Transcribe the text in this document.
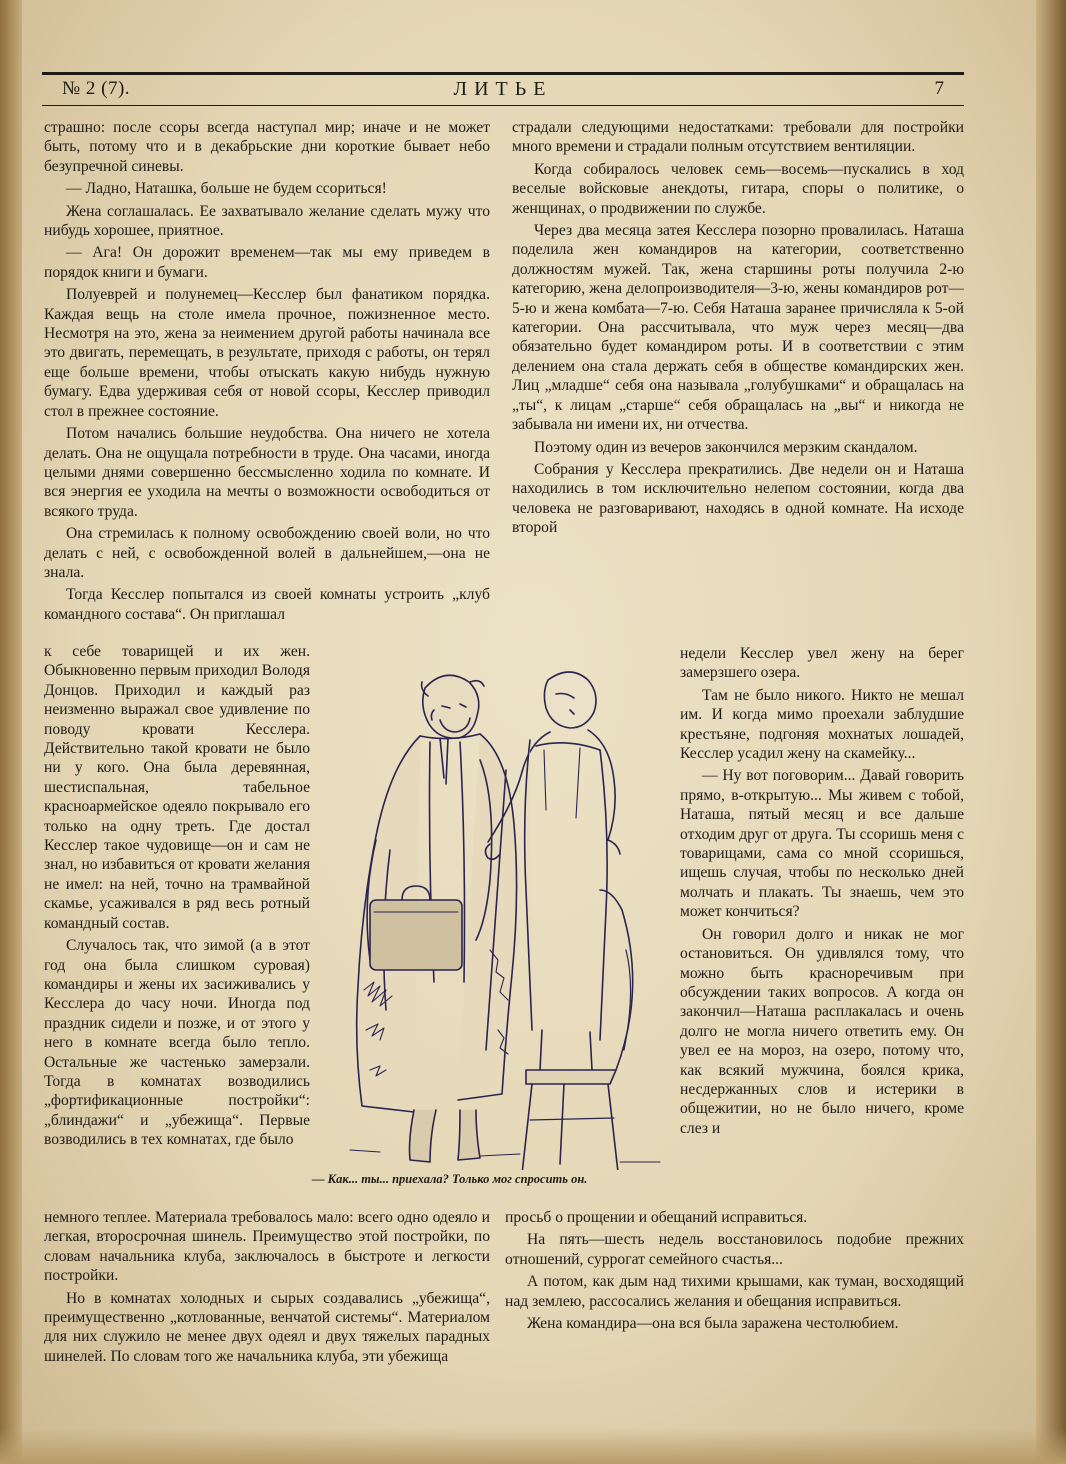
№ 2 (7).	ЛИТЬЕ	7

страшно: после ссоры всегда наступал мир; иначе и не может быть, потому что и в декабрьские дни короткие бывает небо безупречной синевы.

— Ладно, Наташка, больше не будем ссориться!

Жена соглашалась. Ее захватывало желание сделать мужу что нибудь хорошее, приятное.

— Ага! Он дорожит временем—так мы ему приведем в порядок книги и бумаги.

Полуеврей и полунемец—Кесслер был фанатиком порядка. Каждая вещь на столе имела прочное, пожизненное место. Несмотря на это, жена за неимением другой работы начинала все это двигать, перемещать, в результате, приходя с работы, он терял еще больше времени, чтобы отыскать какую нибудь нужную бумагу. Едва удерживая себя от новой ссоры, Кесслер приводил стол в прежнее состояние.

Потом начались большие неудобства. Она ничего не хотела делать. Она не ощущала потребности в труде. Она часами, иногда целыми днями совершенно бессмысленно ходила по комнате. И вся энергия ее уходила на мечты о возможности освободиться от всякого труда.

Она стремилась к полному освобождению своей воли, но что делать с ней, с освобожденной волей в дальнейшем,—она не знала.

Тогда Кесслер попытался из своей комнаты устроить „клуб командного состава“. Он приглашал

к себе товарищей и их жен. Обыкновенно первым приходил Володя Донцов. Приходил и каждый раз неизменно выражал свое удивление по поводу кровати Кесслера. Действительно такой кровати не было ни у кого. Она была деревянная, шестиспальная, табельное красноармейское одеяло покрывало его только на одну треть. Где достал Кесслер такое чудовище—он и сам не знал, но избавиться от кровати желания не имел: на ней, точно на трамвайной скамье, усаживался в ряд весь ротный командный состав.

Случалось так, что зимой (а в этот год она была слишком суровая) командиры и жены их засиживались у Кесслера до часу ночи. Иногда под праздник сидели и позже, и от этого у него в комнате всегда было тепло. Остальные же частенько замерзали. Тогда в комнатах возводились „фортификационные постройки“: „блиндажи“ и „убежища“. Первые возводились в тех комнатах, где было

немного теплее. Материала требовалось мало: всего одно одеяло и легкая, второсрочная шинель. Преимущество этой постройки, по словам начальника клуба, заключалось в быстроте и легкости постройки.

Но в комнатах холодных и сырых создавались „убежища“, преимущественно „котлованные, венчатой системы“. Материалом для них служило не менее двух одеял и двух тяжелых парадных шинелей. По словам того же начальника клуба, эти убежища

страдали следующими недостатками: требовали для постройки много времени и страдали полным отсутствием вентиляции.

Когда собиралось человек семь—восемь—пускались в ход веселые войсковые анекдоты, гитара, споры о политике, о женщинах, о продвижении по службе.

Через два месяца затея Кесслера позорно провалилась. Наташа поделила жен командиров на категории, соответственно должностям мужей. Так, жена старшины роты получила 2-ю категорию, жена делопроизводителя—3-ю, жены командиров рот—5-ю и жена комбата—7-ю. Себя Наташа заранее причисляла к 5-ой категории. Она рассчитывала, что муж через месяц—два обязательно будет командиром роты. И в соответствии с этим делением она стала держать себя в обществе командирских жен. Лиц „младше“ себя она называла „голубушками“ и обращалась на „ты“, к лицам „старше“ себя обращалась на „вы“ и никогда не забывала ни имени их, ни отчества.

Поэтому один из вечеров закончился мерзким скандалом.

Собрания у Кесслера прекратились. Две недели он и Наташа находились в том исключительно нелепом состоянии, когда два человека не разговаривают, находясь в одной комнате. На исходе второй

недели Кесслер увел жену на берег замерзшего озера.

Там не было никого. Никто не мешал им. И когда мимо проехали заблудшие крестьяне, подгоняя мохнатых лошадей, Кесслер усадил жену на скамейку...

— Ну вот поговорим... Давай говорить прямо, в-открытую... Мы живем с тобой, Наташа, пятый месяц и все дальше отходим друг от друга. Ты ссоришь меня с товарищами, сама со мной ссоришься, ищешь случая, чтобы по несколько дней молчать и плакать. Ты знаешь, чем это может кончиться?

Он говорил долго и никак не мог остановиться. Он удивлялся тому, что можно быть красноречивым при обсуждении таких вопросов. А когда он закончил—Наташа расплакалась и очень долго не могла ничего ответить ему. Он увел ее на мороз, на озеро, потому что, как всякий мужчина, боялся крика, несдержанных слов и истерики в общежитии, но не было ничего, кроме слез и

просьб о прощении и обещаний исправиться.

На пять—шесть недель восстановилось подобие прежних отношений, суррогат семейного счастья...

А потом, как дым над тихими крышами, как туман, восходящий над землею, рассосались желания и обещания исправиться.

Жена командира—она вся была заражена честолюбием.

— Как... ты... приехала? Только мог спросить он.
